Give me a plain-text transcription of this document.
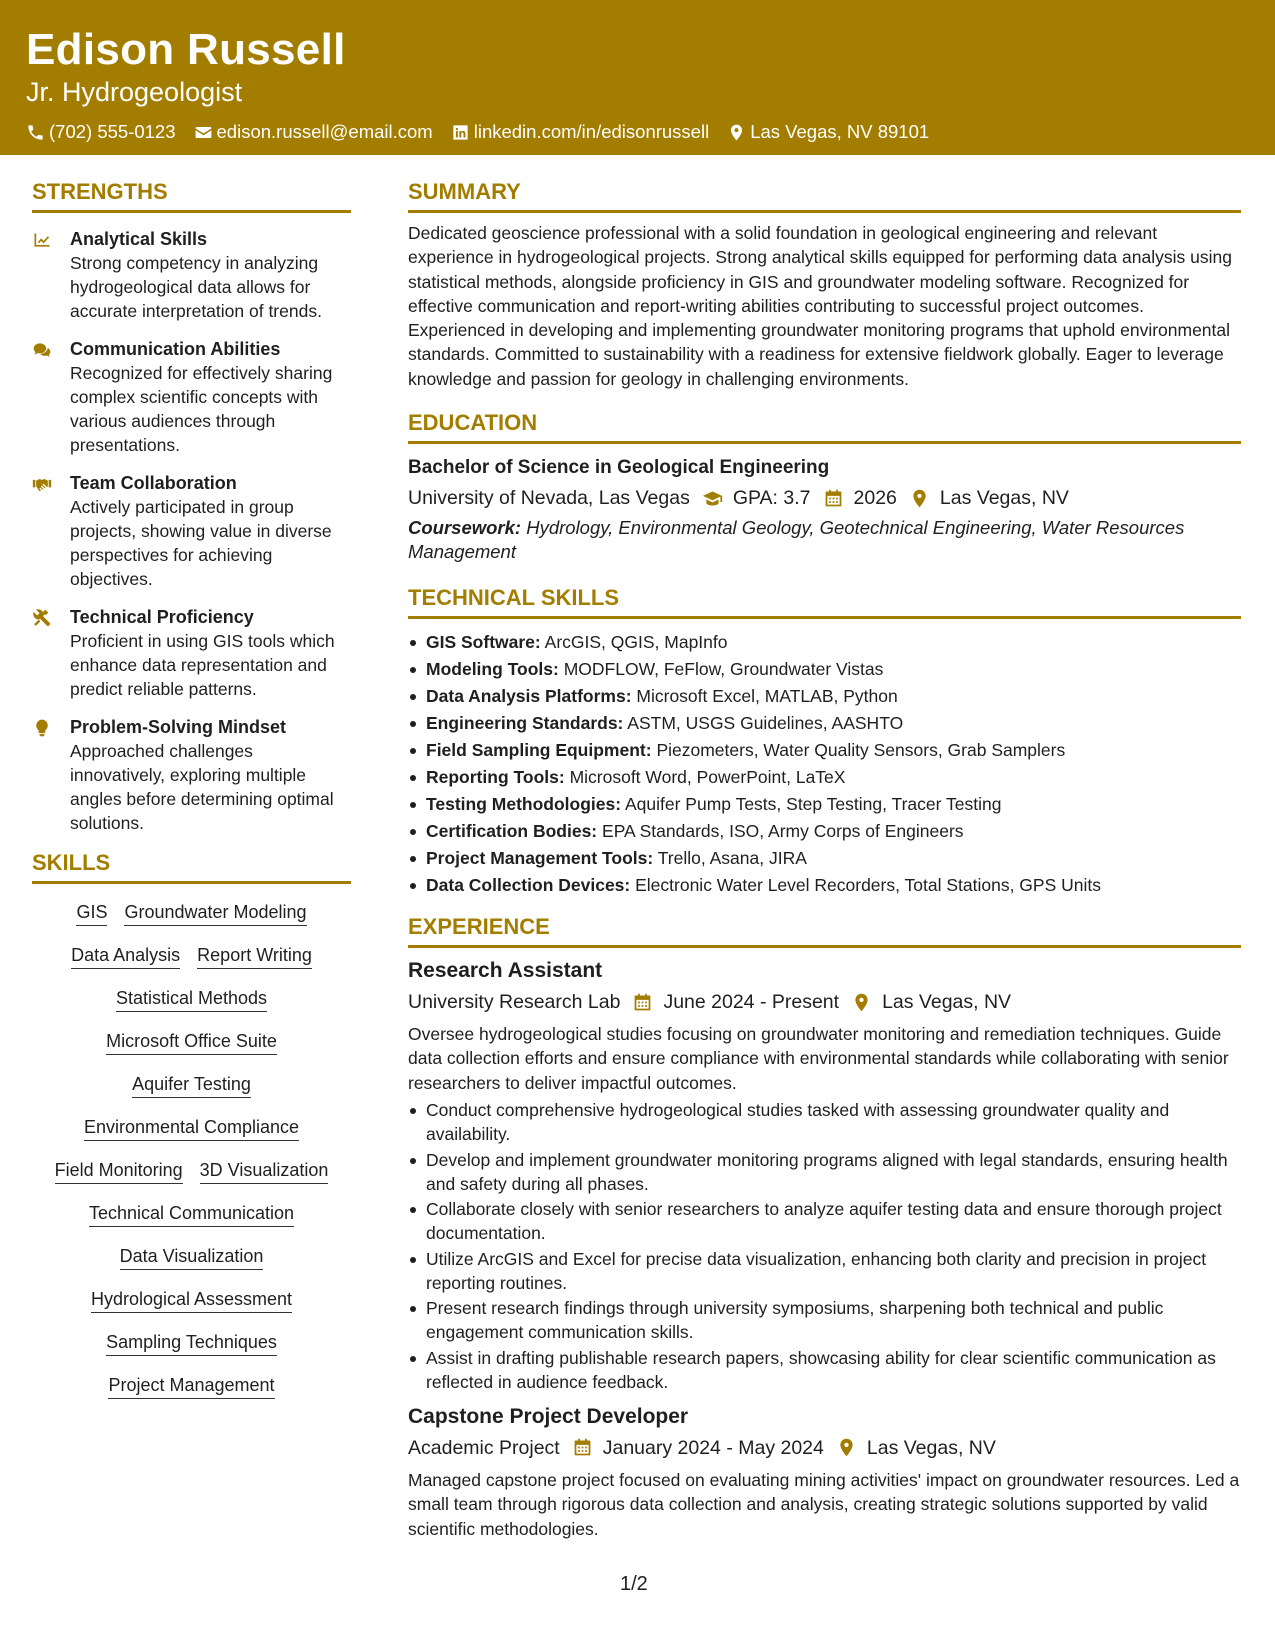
Edison Russell
Jr. Hydrogeologist
(702) 555-0123 edison.russell@email.com linkedin.com/in/edisonrussell Las Vegas, NV 89101
STRENGTHS
Analytical Skills
Strong competency in analyzing hydrogeological data allows for accurate interpretation of trends.
Communication Abilities
Recognized for effectively sharing complex scientific concepts with various audiences through presentations.
Team Collaboration
Actively participated in group projects, showing value in diverse perspectives for achieving objectives.
Technical Proficiency
Proficient in using GIS tools which enhance data representation and predict reliable patterns.
Problem-Solving Mindset
Approached challenges innovatively, exploring multiple angles before determining optimal solutions.
SKILLS
GIS Groundwater Modeling
Data Analysis Report Writing
Statistical Methods
Microsoft Office Suite
Aquifer Testing
Environmental Compliance
Field Monitoring 3D Visualization
Technical Communication
Data Visualization
Hydrological Assessment
Sampling Techniques
Project Management
SUMMARY
Dedicated geoscience professional with a solid foundation in geological engineering and relevant experience in hydrogeological projects. Strong analytical skills equipped for performing data analysis using statistical methods, alongside proficiency in GIS and groundwater modeling software. Recognized for effective communication and report-writing abilities contributing to successful project outcomes. Experienced in developing and implementing groundwater monitoring programs that uphold environmental standards. Committed to sustainability with a readiness for extensive fieldwork globally. Eager to leverage knowledge and passion for geology in challenging environments.
EDUCATION
Bachelor of Science in Geological Engineering
University of Nevada, Las Vegas GPA: 3.7 2026 Las Vegas, NV
Coursework: Hydrology, Environmental Geology, Geotechnical Engineering, Water Resources Management
TECHNICAL SKILLS
GIS Software: ArcGIS, QGIS, MapInfo
Modeling Tools: MODFLOW, FeFlow, Groundwater Vistas
Data Analysis Platforms: Microsoft Excel, MATLAB, Python
Engineering Standards: ASTM, USGS Guidelines, AASHTO
Field Sampling Equipment: Piezometers, Water Quality Sensors, Grab Samplers
Reporting Tools: Microsoft Word, PowerPoint, LaTeX
Testing Methodologies: Aquifer Pump Tests, Step Testing, Tracer Testing
Certification Bodies: EPA Standards, ISO, Army Corps of Engineers
Project Management Tools: Trello, Asana, JIRA
Data Collection Devices: Electronic Water Level Recorders, Total Stations, GPS Units
EXPERIENCE
Research Assistant
University Research Lab June 2024 - Present Las Vegas, NV
Oversee hydrogeological studies focusing on groundwater monitoring and remediation techniques. Guide data collection efforts and ensure compliance with environmental standards while collaborating with senior researchers to deliver impactful outcomes.
Conduct comprehensive hydrogeological studies tasked with assessing groundwater quality and availability.
Develop and implement groundwater monitoring programs aligned with legal standards, ensuring health and safety during all phases.
Collaborate closely with senior researchers to analyze aquifer testing data and ensure thorough project documentation.
Utilize ArcGIS and Excel for precise data visualization, enhancing both clarity and precision in project reporting routines.
Present research findings through university symposiums, sharpening both technical and public engagement communication skills.
Assist in drafting publishable research papers, showcasing ability for clear scientific communication as reflected in audience feedback.
Capstone Project Developer
Academic Project January 2024 - May 2024 Las Vegas, NV
Managed capstone project focused on evaluating mining activities' impact on groundwater resources. Led a small team through rigorous data collection and analysis, creating strategic solutions supported by valid scientific methodologies.
1/2
